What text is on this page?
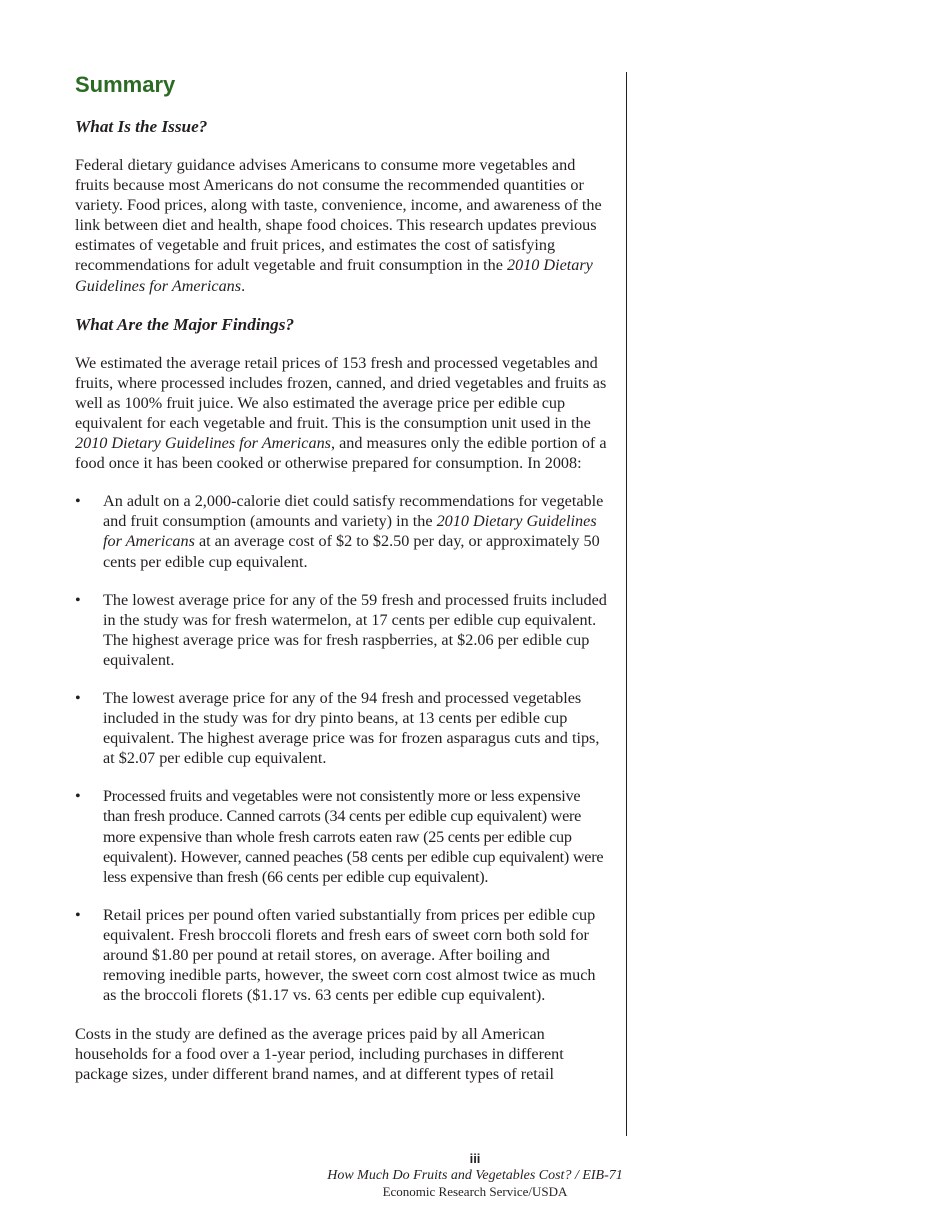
Summary
What Is the Issue?

Federal dietary guidance advises Americans to consume more vegetables and fruits because most Americans do not consume the recommended quantities or variety. Food prices, along with taste, convenience, income, and awareness of the link between diet and health, shape food choices. This research updates previous estimates of vegetable and fruit prices, and estimates the cost of satisfying recommendations for adult vegetable and fruit consumption in the 2010 Dietary Guidelines for Americans.

What Are the Major Findings?

We estimated the average retail prices of 153 fresh and processed vegetables and fruits, where processed includes frozen, canned, and dried vegetables and fruits as well as 100% fruit juice. We also estimated the average price per edible cup equivalent for each vegetable and fruit. This is the consumption unit used in the 2010 Dietary Guidelines for Americans, and measures only the edible portion of a food once it has been cooked or otherwise prepared for consumption. In 2008:

• An adult on a 2,000-calorie diet could satisfy recommendations for vegetable and fruit consumption (amounts and variety) in the 2010 Dietary Guidelines for Americans at an average cost of $2 to $2.50 per day, or approximately 50 cents per edible cup equivalent.
• The lowest average price for any of the 59 fresh and processed fruits included in the study was for fresh watermelon, at 17 cents per edible cup equivalent. The highest average price was for fresh raspberries, at $2.06 per edible cup equivalent.
• The lowest average price for any of the 94 fresh and processed vegetables included in the study was for dry pinto beans, at 13 cents per edible cup equivalent. The highest average price was for frozen asparagus cuts and tips, at $2.07 per edible cup equivalent.
• Processed fruits and vegetables were not consistently more or less expensive than fresh produce. Canned carrots (34 cents per edible cup equivalent) were more expensive than whole fresh carrots eaten raw (25 cents per edible cup equivalent). However, canned peaches (58 cents per edible cup equivalent) were less expensive than fresh (66 cents per edible cup equivalent).
• Retail prices per pound often varied substantially from prices per edible cup equivalent. Fresh broccoli florets and fresh ears of sweet corn both sold for around $1.80 per pound at retail stores, on average. After boiling and removing inedible parts, however, the sweet corn cost almost twice as much as the broccoli florets ($1.17 vs. 63 cents per edible cup equivalent).

Costs in the study are defined as the average prices paid by all American households for a food over a 1-year period, including purchases in different package sizes, under different brand names, and at different types of retail

iii
How Much Do Fruits and Vegetables Cost? / EIB-71
Economic Research Service/USDA
